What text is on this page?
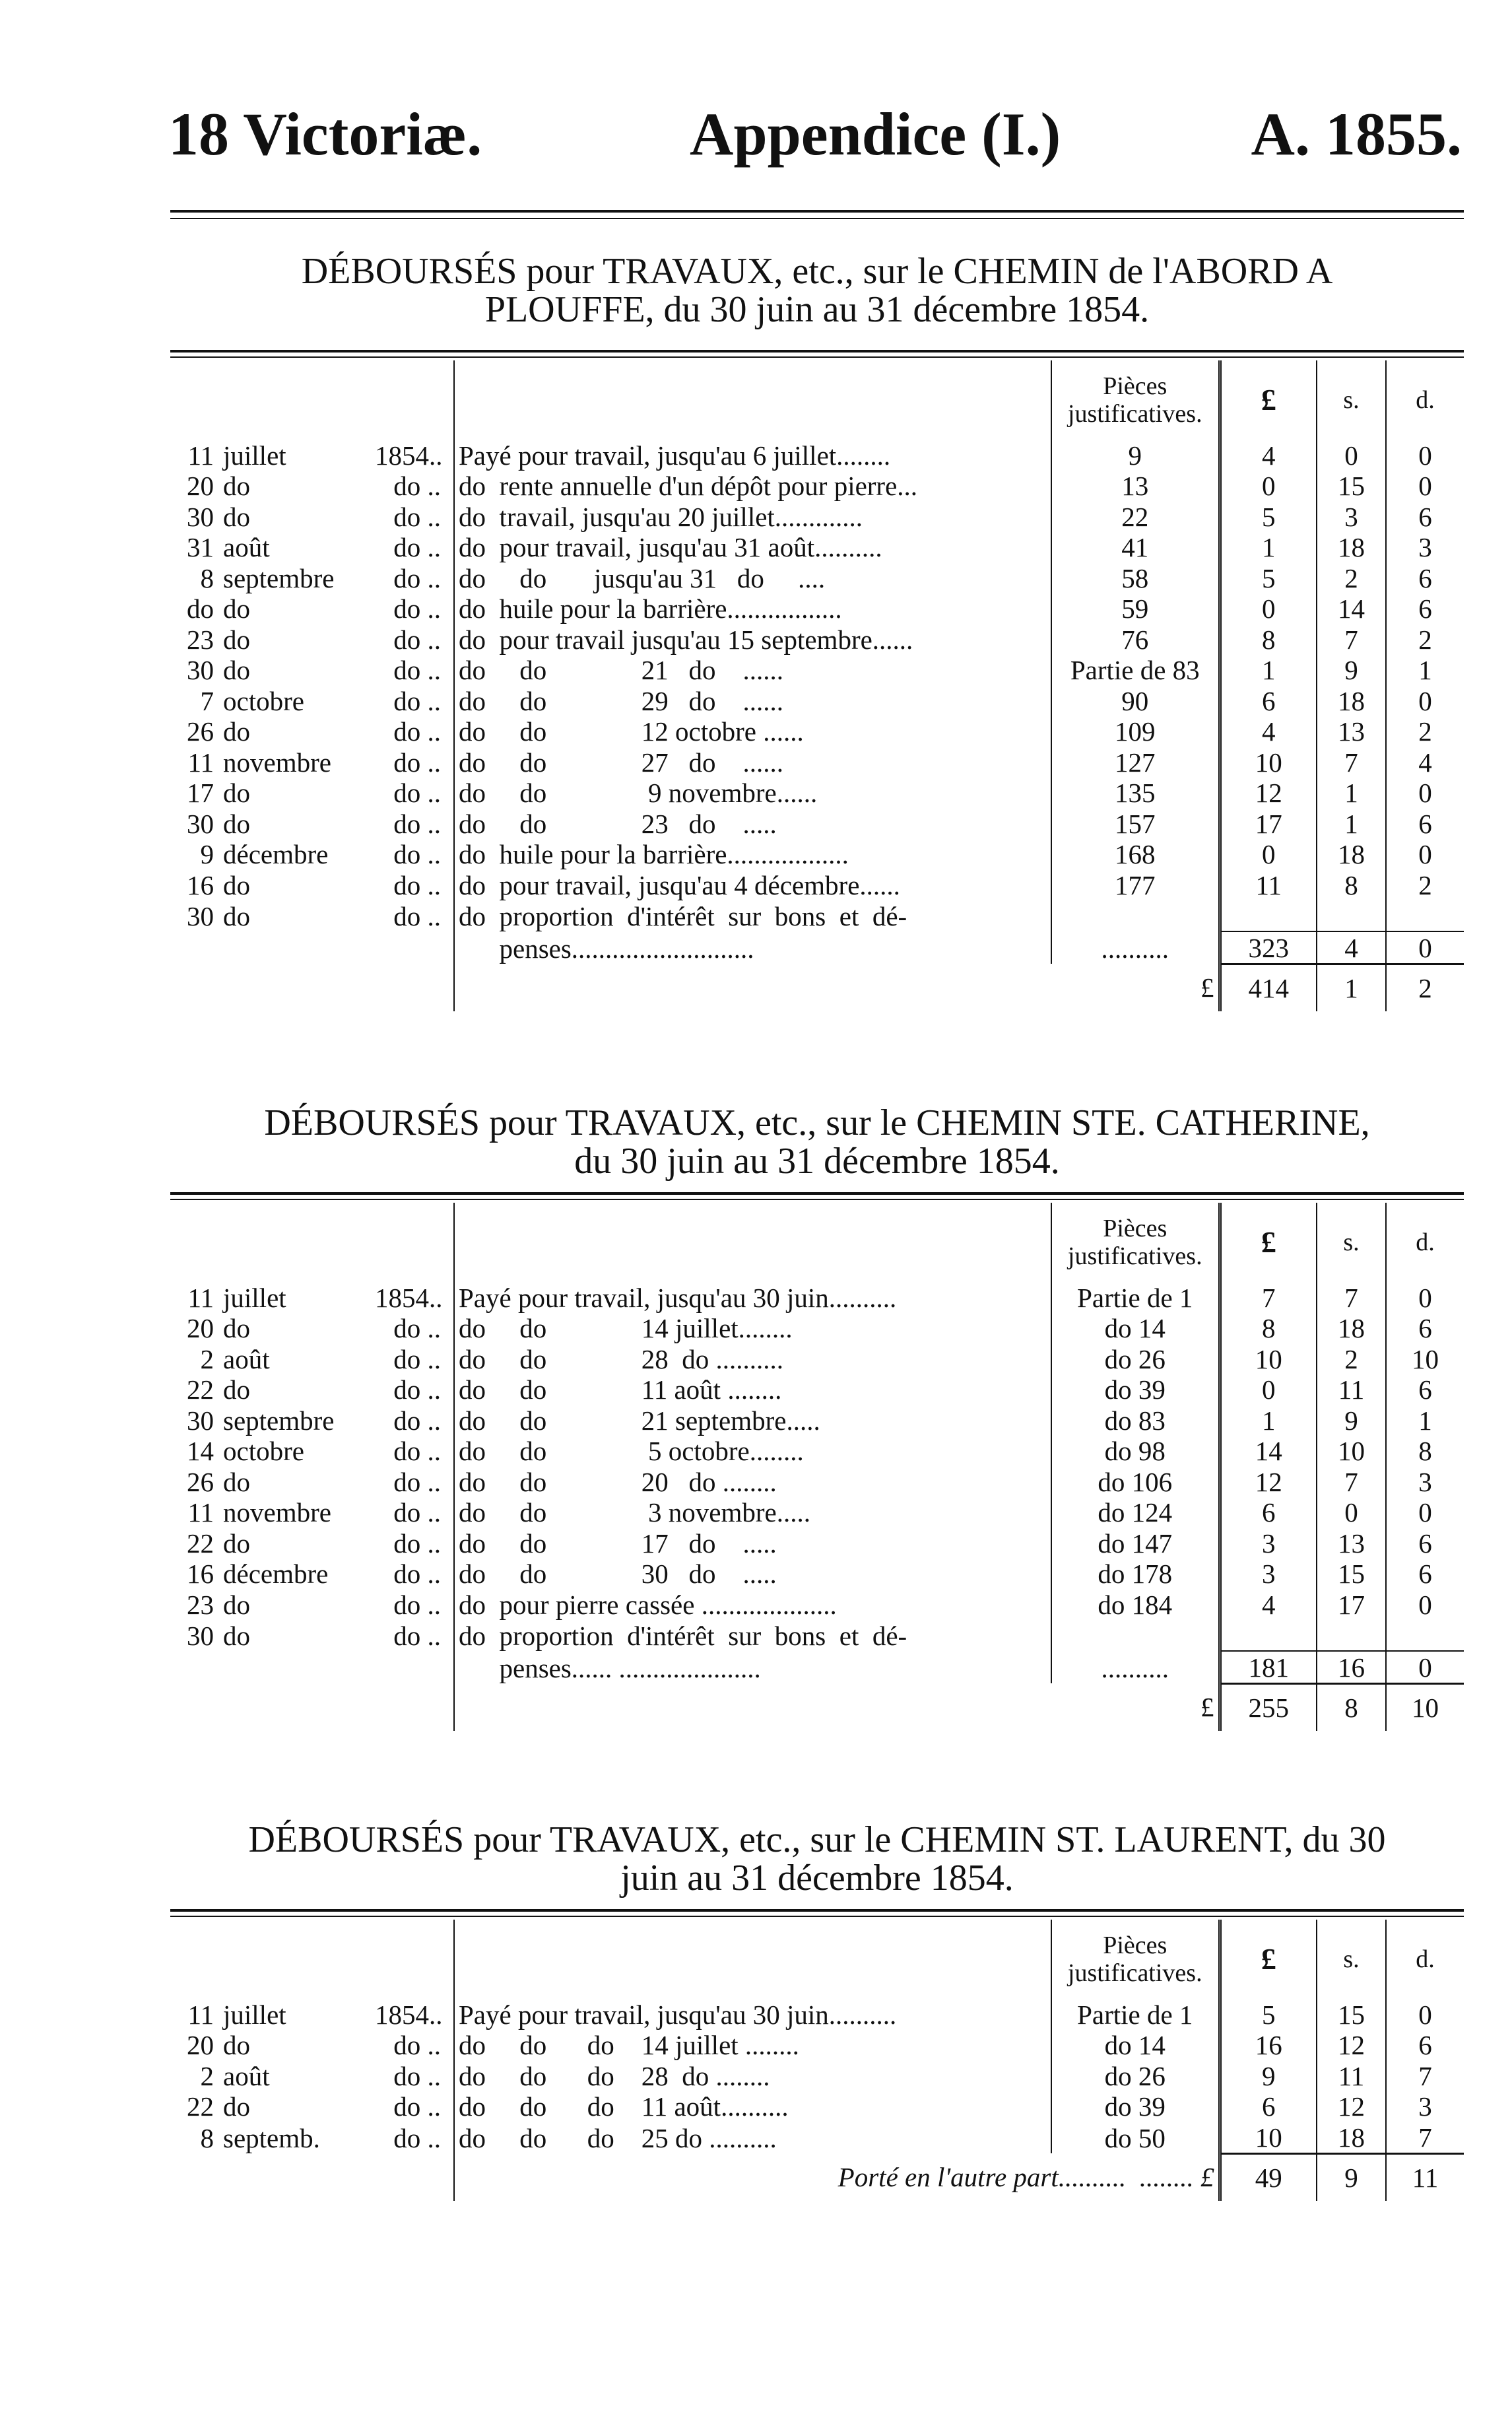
18 Victoriæ.	Appendice (I.)	A. 1855.
DÉBOURSÉS pour TRAVAUX, etc., sur le CHEMIN de l'ABORD A
PLOUFFE, du 30 juin au 31 décembre 1854.
		Pièces justificatives.	£	s.	d.
11 juillet 1854..	Payé pour travail, jusqu'au 6 juillet........	9	4	0	0
20 do do ..	do  rente annuelle d'un dépôt pour pierre...	13	0	15	0
30 do do ..	do  travail, jusqu'au 20 juillet.............	22	5	3	6
31 août do ..	do  pour travail, jusqu'au 31 août..........	41	1	18	3
8 septembre do ..	do     do       jusqu'au 31   do     ....	58	5	2	6
do do do ..	do  huile pour la barrière.................	59	0	14	6
23 do do ..	do  pour travail jusqu'au 15 septembre......	76	8	7	2
30 do do ..	do     do              21   do    ......	Partie de 83	1	9	1
7 octobre do ..	do     do              29   do    ......	90	6	18	0
26 do do ..	do     do              12 octobre ......	109	4	13	2
11 novembre do ..	do     do              27   do    ......	127	10	7	4
17 do do ..	do     do               9 novembre......	135	12	1	0
30 do do ..	do     do              23   do    .....	157	17	1	6
9 décembre do ..	do  huile pour la barrière..................	168	0	18	0
16 do do ..	do  pour travail, jusqu'au 4 décembre......	177	11	8	2
30 do do ..	do  proportion  d'intérêt  sur  bons  et  dé-				
	penses...........................	..........	323	4	0
	£		414	1	2
DÉBOURSÉS pour TRAVAUX, etc., sur le CHEMIN STE. CATHERINE,
du 30 juin au 31 décembre 1854.
		Pièces justificatives.	£	s.	d.
11 juillet 1854..	Payé pour travail, jusqu'au 30 juin..........	Partie de 1	7	7	0
20 do do ..	do     do              14 juillet........	do 14	8	18	6
2 août do ..	do     do              28  do ..........	do 26	10	2	10
22 do do ..	do     do              11 août ........	do 39	0	11	6
30 septembre do ..	do     do              21 septembre.....	do 83	1	9	1
14 octobre do ..	do     do               5 octobre........	do 98	14	10	8
26 do do ..	do     do              20   do ........	do 106	12	7	3
11 novembre do ..	do     do               3 novembre.....	do 124	6	0	0
22 do do ..	do     do              17   do    .....	do 147	3	13	6
16 décembre do ..	do     do              30   do    .....	do 178	3	15	6
23 do do ..	do  pour pierre cassée ....................	do 184	4	17	0
30 do do ..	do  proportion  d'intérêt  sur  bons  et  dé-				
	penses...... .....................	..........	181	16	0
	£		255	8	10
DÉBOURSÉS pour TRAVAUX, etc., sur le CHEMIN ST. LAURENT, du 30
juin au 31 décembre 1854.
		Pièces justificatives.	£	s.	d.
11 juillet 1854..	Payé pour travail, jusqu'au 30 juin..........	Partie de 1	5	15	0
20 do do ..	do     do      do    14 juillet ........	do 14	16	12	6
2 août do ..	do     do      do    28  do ........	do 26	9	11	7
22 do do ..	do     do      do    11 août..........	do 39	6	12	3
8 septemb. do ..	do     do      do    25 do ..........	do 50	10	18	7
	Porté en l'autre part..........  ........ £		49	9	11
